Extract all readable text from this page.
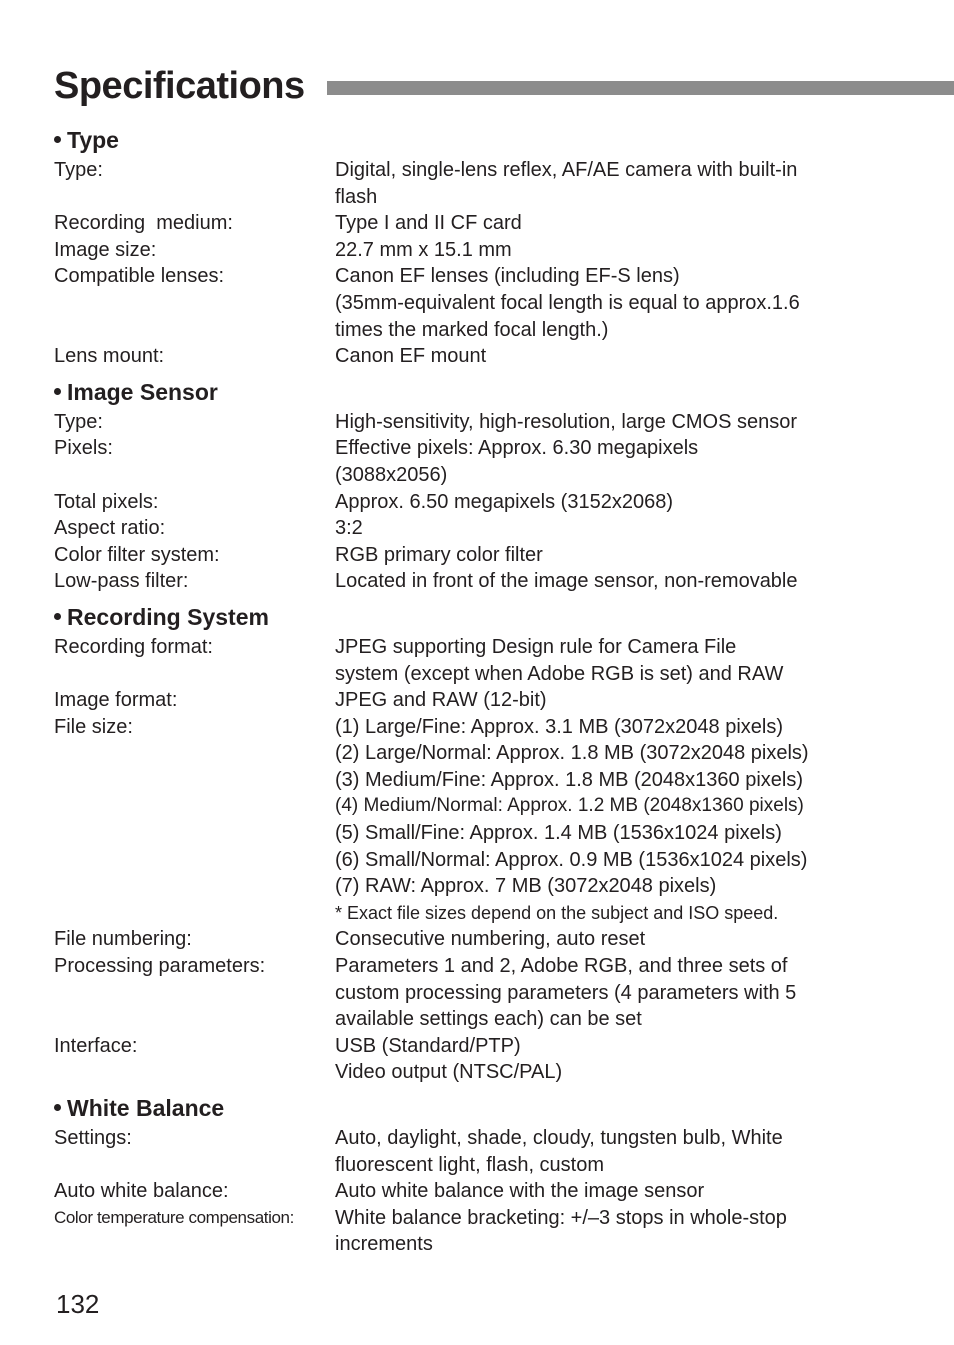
Specifications
Type
Type:	Digital, single-lens reflex, AF/AE camera with built-in
flash
Recording  medium:	Type I and II CF card
Image size:	22.7 mm x 15.1 mm
Compatible lenses:	Canon EF lenses (including EF-S lens)
(35mm-equivalent focal length is equal to approx.1.6
times the marked focal length.)
Lens mount:	Canon EF mount
Image Sensor
Type:	High-sensitivity, high-resolution, large CMOS sensor
Pixels:	Effective pixels: Approx. 6.30 megapixels
(3088x2056)
Total pixels:	Approx. 6.50 megapixels (3152x2068)
Aspect ratio:	3:2
Color filter system:	RGB primary color filter
Low-pass filter:	Located in front of the image sensor, non-removable
Recording System
Recording format:	JPEG supporting Design rule for Camera File
system (except when Adobe RGB is set) and RAW
Image format:	JPEG and RAW (12-bit)
File size:	(1) Large/Fine: Approx. 3.1 MB (3072x2048 pixels)
(2) Large/Normal: Approx. 1.8 MB (3072x2048 pixels)
(3) Medium/Fine: Approx. 1.8 MB (2048x1360 pixels)
(4) Medium/Normal: Approx. 1.2 MB (2048x1360 pixels)
(5) Small/Fine: Approx. 1.4 MB (1536x1024 pixels)
(6) Small/Normal: Approx. 0.9 MB (1536x1024 pixels)
(7) RAW: Approx. 7 MB (3072x2048 pixels)
* Exact file sizes depend on the subject and ISO speed.
File numbering:	Consecutive numbering, auto reset
Processing parameters:	Parameters 1 and 2, Adobe RGB, and three sets of
custom processing parameters (4 parameters with 5
available settings each) can be set
Interface:	USB (Standard/PTP)
Video output (NTSC/PAL)
White Balance
Settings:	Auto, daylight, shade, cloudy, tungsten bulb, White
fluorescent light, flash, custom
Auto white balance:	Auto white balance with the image sensor
Color temperature compensation:	White balance bracketing: +/–3 stops in whole-stop
increments
132
